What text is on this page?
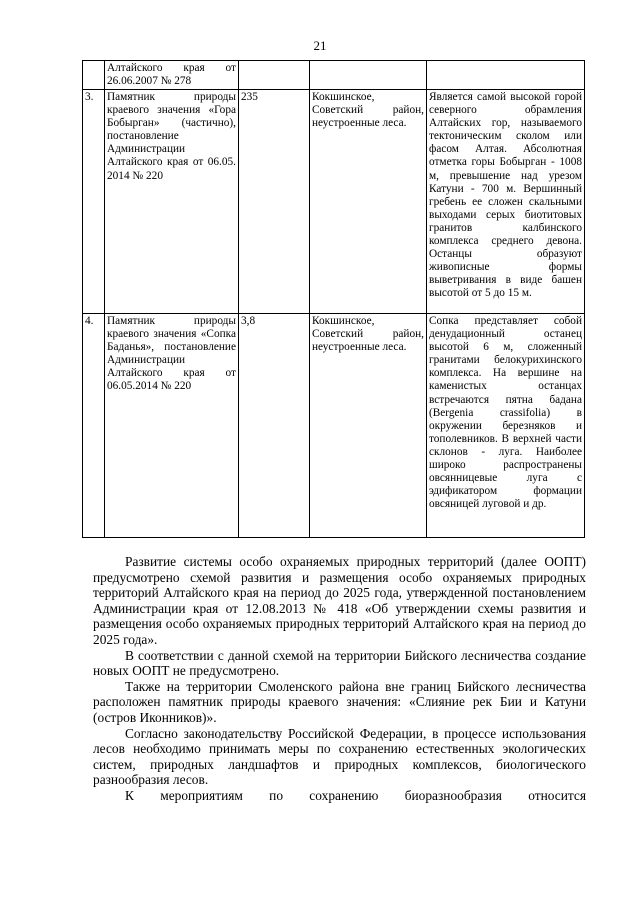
21
	Алтайского края от 26.06.2007 № 278			
3.	Памятник природы краевого значения «Гора Бобырган» (частично), постановление Администрации Алтайского края от 06.05. 2014 № 220	235	Кокшинское, Советский район, неустроенные леса.	Является самой высокой горой северного обрамления Алтайских гор, называемого тектоническим сколом или фасом Алтая. Абсолютная отметка горы Бобырган - 1008 м, превышение над урезом Катуни - 700 м. Вершинный гребень ее сложен скальными выходами серых биотитовых гранитов калбинского комплекса среднего девона. Останцы образуют живописные формы выветривания в виде башен высотой от 5 до 15 м.
4.	Памятник природы краевого значения «Сопка Баданья», постановление Администрации Алтайского края от 06.05.2014 № 220	3,8	Кокшинское, Советский район, неустроенные леса.	Сопка представляет собой денудационный останец высотой 6 м, сложенный гранитами белокурихинского комплекса. На вершине на каменистых останцах встречаются пятна бадана (Bergenia crassifolia) в окружении березняков и тополевников. В верхней части склонов - луга. Наиболее широко распространены овсянницевые луга с эдификатором формации овсяницей луговой и др.

Развитие системы особо охраняемых природных территорий (далее ООПТ) предусмотрено схемой развития и размещения особо охраняемых природных территорий Алтайского края на период до 2025 года, утвержденной постановлением Администрации края от 12.08.2013 № 418 «Об утверждении схемы развития и размещения особо охраняемых природных территорий Алтайского края на период до 2025 года».

В соответствии с данной схемой на территории Бийского лесничества создание новых ООПТ не предусмотрено.

Также на территории Смоленского района вне границ Бийского лесничества расположен памятник природы краевого значения: «Слияние рек Бии и Катуни (остров Иконников)».

Согласно законодательству Российской Федерации, в процессе использования лесов необходимо принимать меры по сохранению естественных экологических систем, природных ландшафтов и природных комплексов, биологического разнообразия лесов.

К мероприятиям по сохранению биоразнообразия относится
